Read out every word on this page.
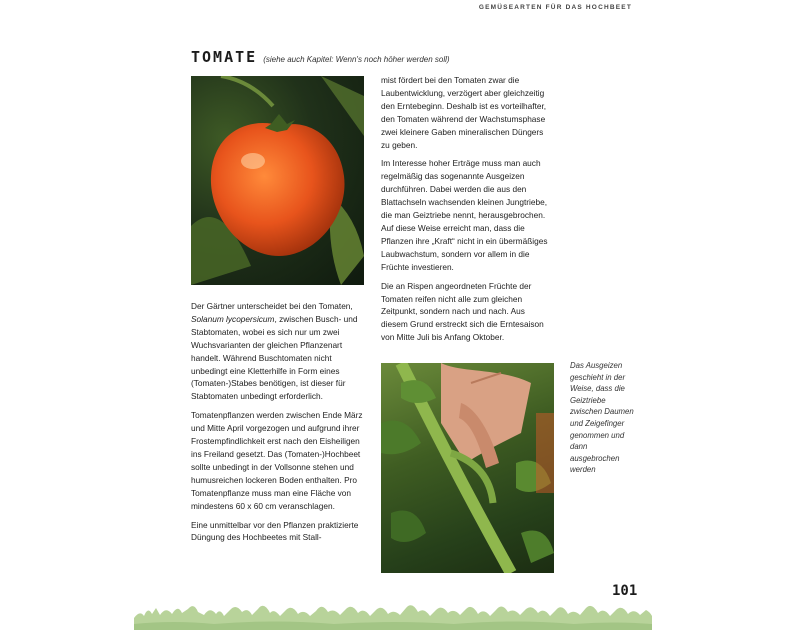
GEMÜSEARTEN FÜR DAS HOCHBEET
TOMATE (siehe auch Kapitel: Wenn's noch höher werden soll)

Der Gärtner unterscheidet bei den Tomaten, Solanum lycopersicum, zwischen Busch- und Stabtomaten, wobei es sich nur um zwei Wuchsvarianten der gleichen Pflanzenart handelt. Während Buschtomaten nicht unbedingt eine Kletterhilfe in Form eines (Tomaten-)Stabes benötigen, ist dieser für Stabtomaten unbedingt erforderlich.

Tomatenpflanzen werden zwischen Ende März und Mitte April vorgezogen und aufgrund ihrer Frostempfindlichkeit erst nach den Eisheiligen ins Freiland gesetzt. Das (Tomaten-)Hochbeet sollte unbedingt in der Vollsonne stehen und humusreichen lockeren Boden enthalten. Pro Tomatenpflanze muss man eine Fläche von mindestens 60 x 60 cm veranschlagen.

Eine unmittelbar vor den Pflanzen praktizierte Düngung des Hochbeetes mit Stall-

mist fördert bei den Tomaten zwar die Laubentwicklung, verzögert aber gleichzeitig den Erntebeginn. Deshalb ist es vorteilhafter, den Tomaten während der Wachstumsphase zwei kleinere Gaben mineralischen Düngers zu geben.

Im Interesse hoher Erträge muss man auch regelmäßig das sogenannte Ausgeizen durchführen. Dabei werden die aus den Blattachseln wachsenden kleinen Jungtriebe, die man Geiztriebe nennt, herausgebrochen. Auf diese Weise erreicht man, dass die Pflanzen ihre „Kraft“ nicht in ein übermäßiges Laubwachstum, sondern vor allem in die Früchte investieren.

Die an Rispen angeordneten Früchte der Tomaten reifen nicht alle zum gleichen Zeitpunkt, sondern nach und nach. Aus diesem Grund erstreckt sich die Erntesaison von Mitte Juli bis Anfang Oktober.

Das Ausgeizen geschieht in der Weise, dass die Geiztriebe zwischen Daumen und Zeigefinger genommen und dann ausgebrochen werden
101
